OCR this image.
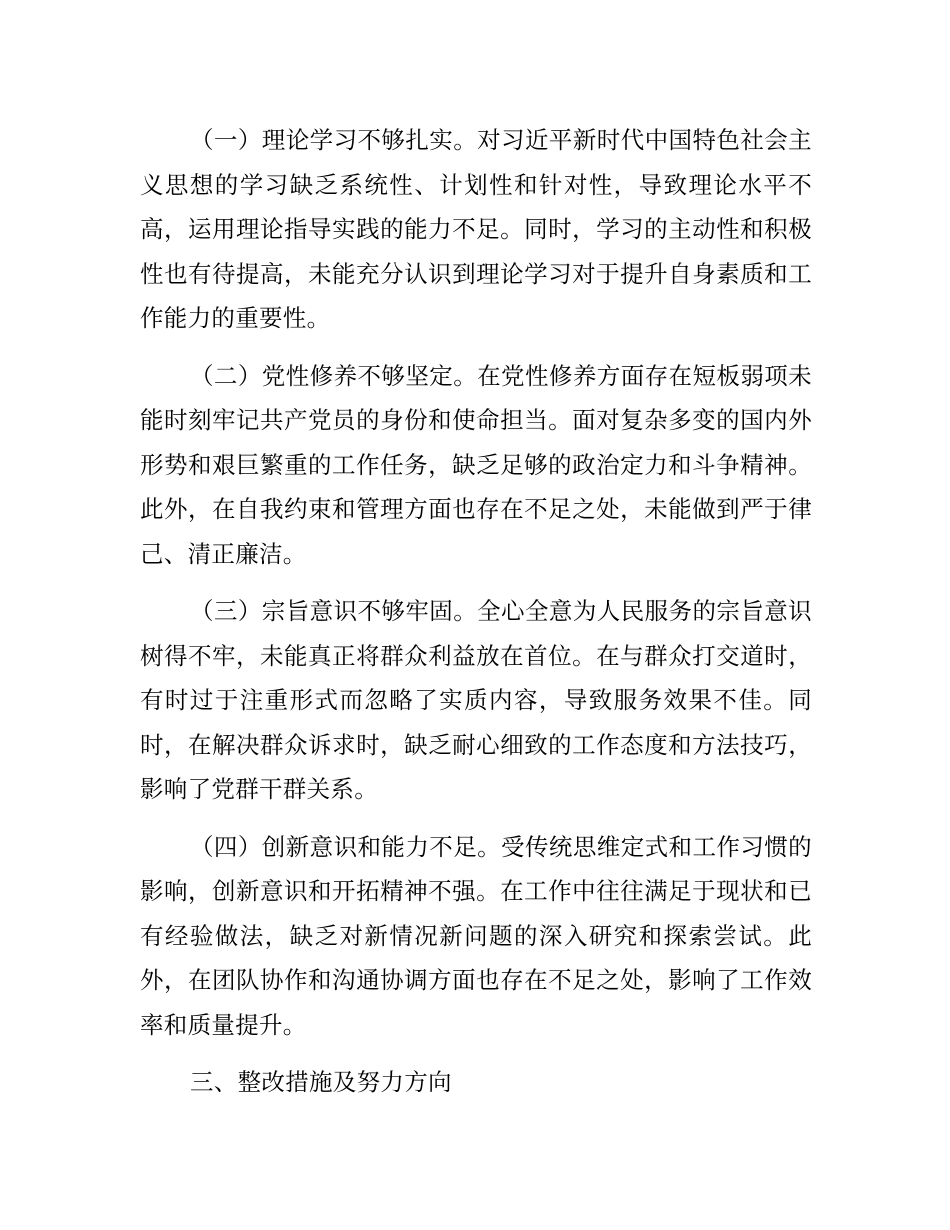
（一）理论学习不够扎实。对习近平新时代中国特色社会主义思想的学习缺乏系统性、计划性和针对性，导致理论水平不高，运用理论指导实践的能力不足。同时，学习的主动性和积极性也有待提高，未能充分认识到理论学习对于提升自身素质和工作能力的重要性。

（二）党性修养不够坚定。在党性修养方面存在短板弱项未能时刻牢记共产党员的身份和使命担当。面对复杂多变的国内外形势和艰巨繁重的工作任务，缺乏足够的政治定力和斗争精神。此外，在自我约束和管理方面也存在不足之处，未能做到严于律己、清正廉洁。

（三）宗旨意识不够牢固。全心全意为人民服务的宗旨意识树得不牢，未能真正将群众利益放在首位。在与群众打交道时，有时过于注重形式而忽略了实质内容，导致服务效果不佳。同时，在解决群众诉求时，缺乏耐心细致的工作态度和方法技巧，影响了党群干群关系。

（四）创新意识和能力不足。受传统思维定式和工作习惯的影响，创新意识和开拓精神不强。在工作中往往满足于现状和已有经验做法，缺乏对新情况新问题的深入研究和探索尝试。此外，在团队协作和沟通协调方面也存在不足之处，影响了工作效率和质量提升。

三、整改措施及努力方向
